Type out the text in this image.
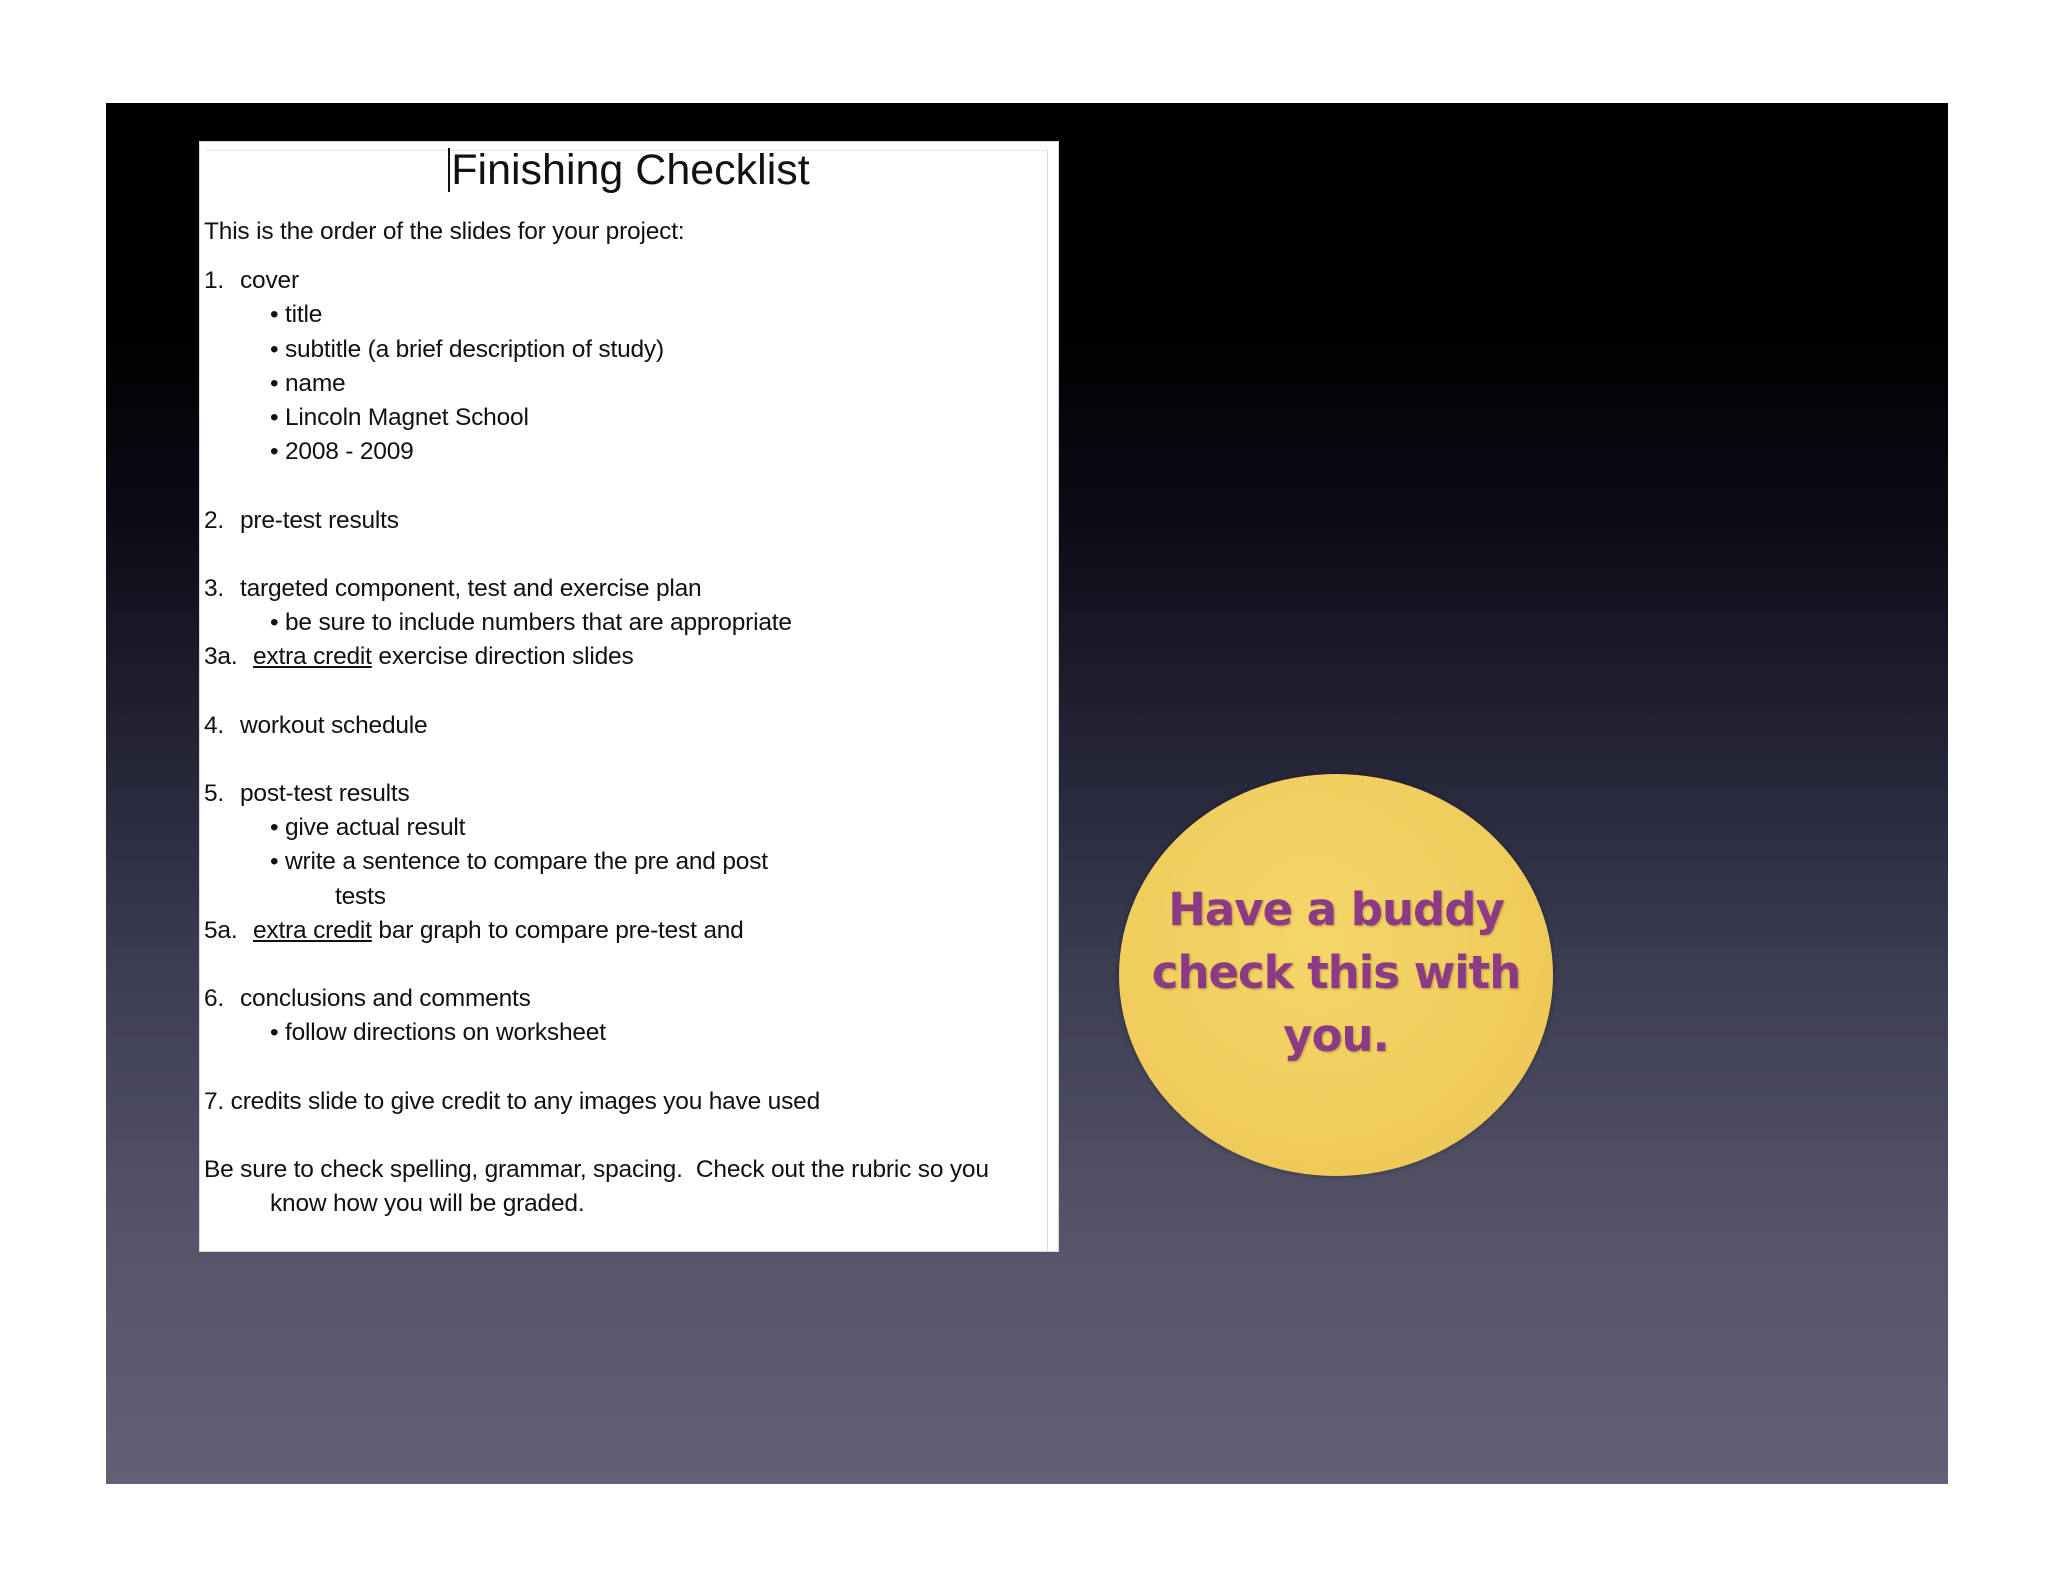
Finishing Checklist
This is the order of the slides for your project:
1. cover
• title
• subtitle (a brief description of study)
• name
• Lincoln Magnet School
• 2008 - 2009
2. pre-test results
3. targeted component, test and exercise plan
• be sure to include numbers that are appropriate
3a. extra credit exercise direction slides
4. workout schedule
5. post-test results
• give actual result
• write a sentence to compare the pre and post
tests
5a. extra credit bar graph to compare pre-test and
6. conclusions and comments
• follow directions on worksheet
7. credits slide to give credit to any images you have used
Be sure to check spelling, grammar, spacing.  Check out the rubric so you
know how you will be graded.
Have a buddy
check this with
you.
